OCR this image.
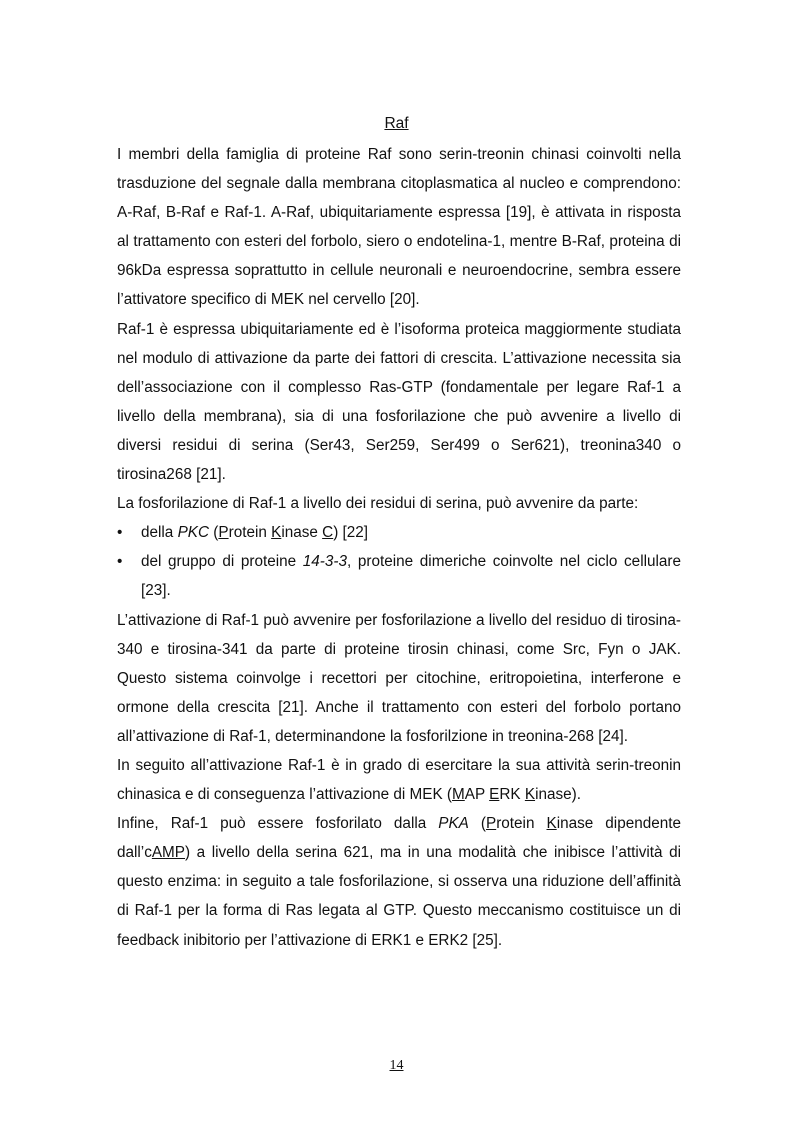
Raf

I membri della famiglia di proteine Raf sono serin-treonin chinasi coinvolti nella trasduzione del segnale dalla membrana citoplasmatica al nucleo e comprendono: A-Raf, B-Raf e Raf-1. A-Raf, ubiquitariamente espressa [19], è attivata in risposta al trattamento con esteri del forbolo, siero o endotelina-1, mentre B-Raf, proteina di 96kDa espressa soprattutto in cellule neuronali e neuroendocrine, sembra essere l’attivatore specifico di MEK nel cervello [20].

Raf-1 è espressa ubiquitariamente ed è l’isoforma proteica maggiormente studiata nel modulo di attivazione da parte dei fattori di crescita. L’attivazione necessita sia dell’associazione con il complesso Ras-GTP (fondamentale per legare Raf-1 a livello della membrana), sia di una fosforilazione che può avvenire a livello di diversi residui di serina (Ser43, Ser259, Ser499 o Ser621), treonina340 o tirosina268 [21].

La fosforilazione di Raf-1 a livello dei residui di serina, può avvenire da parte:

• della PKC (Protein Kinase C) [22]
• del gruppo di proteine 14-3-3, proteine dimeriche coinvolte nel ciclo cellulare [23].

L’attivazione di Raf-1 può avvenire per fosforilazione a livello del residuo di tirosina-340 e tirosina-341 da parte di proteine tirosin chinasi, come Src, Fyn o JAK. Questo sistema coinvolge i recettori per citochine, eritropoietina, interferone e ormone della crescita [21]. Anche il trattamento con esteri del forbolo portano all’attivazione di Raf-1, determinandone la fosforilzione in treonina-268 [24].

In seguito all’attivazione Raf-1 è in grado di esercitare la sua attività serin-treonin chinasica e di conseguenza l’attivazione di MEK (MAP ERK Kinase).

Infine, Raf-1 può essere fosforilato dalla PKA (Protein Kinase dipendente dall’cAMP) a livello della serina 621, ma in una modalità che inibisce l’attività di questo enzima: in seguito a tale fosforilazione, si osserva una riduzione dell’affinità di Raf-1 per la forma di Ras legata al GTP. Questo meccanismo costituisce un di feedback inibitorio per l’attivazione di ERK1 e ERK2 [25].

14
